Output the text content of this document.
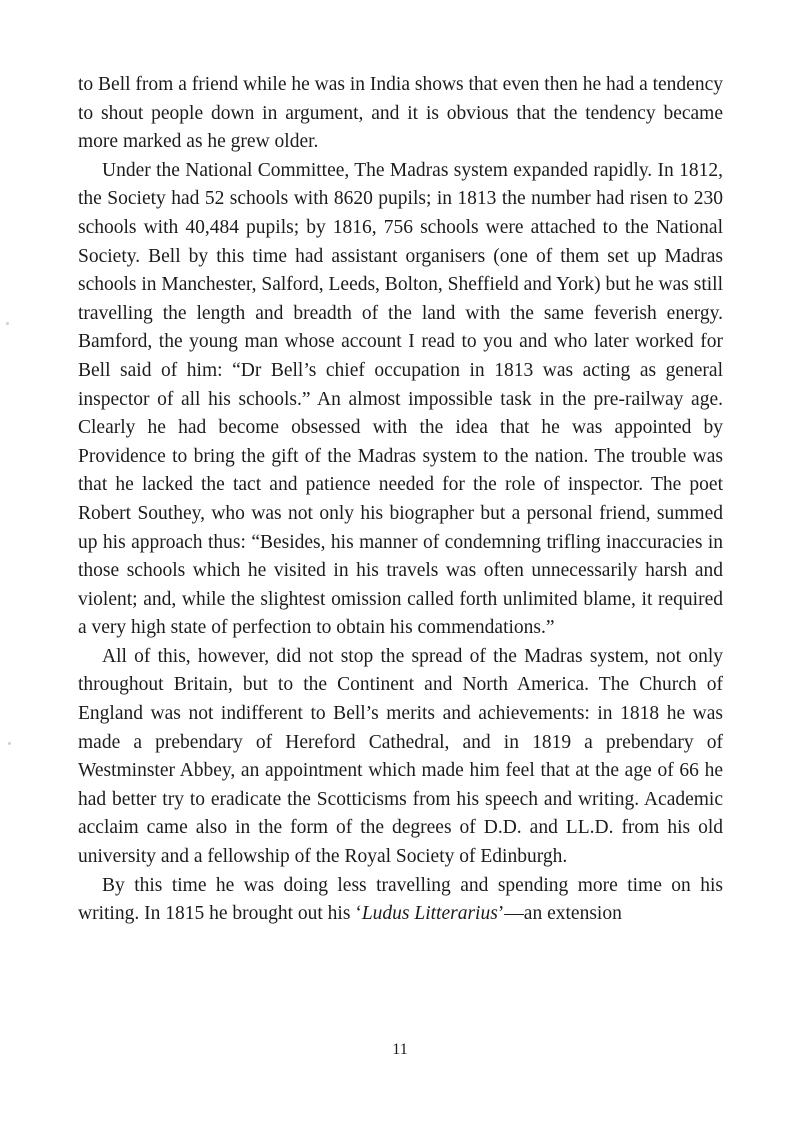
to Bell from a friend while he was in India shows that even then he had a tendency to shout people down in argument, and it is obvious that the tendency became more marked as he grew older.

Under the National Committee, The Madras system expanded rapidly. In 1812, the Society had 52 schools with 8620 pupils; in 1813 the number had risen to 230 schools with 40,484 pupils; by 1816, 756 schools were attached to the National Society. Bell by this time had assistant organisers (one of them set up Madras schools in Manchester, Salford, Leeds, Bolton, Sheffield and York) but he was still travelling the length and breadth of the land with the same feverish energy. Bamford, the young man whose account I read to you and who later worked for Bell said of him: “Dr Bell’s chief occupation in 1813 was acting as general inspector of all his schools.” An almost impossible task in the pre-railway age. Clearly he had become obsessed with the idea that he was appointed by Providence to bring the gift of the Madras system to the nation. The trouble was that he lacked the tact and patience needed for the role of inspector. The poet Robert Southey, who was not only his biographer but a personal friend, summed up his approach thus: “Besides, his manner of condemning trifling inaccuracies in those schools which he visited in his travels was often unnecessarily harsh and violent; and, while the slightest omission called forth unlimited blame, it required a very high state of perfection to obtain his commendations.”

All of this, however, did not stop the spread of the Madras system, not only throughout Britain, but to the Continent and North America. The Church of England was not indifferent to Bell’s merits and achievements: in 1818 he was made a prebendary of Hereford Cathedral, and in 1819 a prebendary of Westminster Abbey, an appointment which made him feel that at the age of 66 he had better try to eradicate the Scotticisms from his speech and writing. Academic acclaim came also in the form of the degrees of D.D. and LL.D. from his old university and a fellowship of the Royal Society of Edinburgh.

By this time he was doing less travelling and spending more time on his writing. In 1815 he brought out his ‘Ludus Litterarius’—an extension

11
